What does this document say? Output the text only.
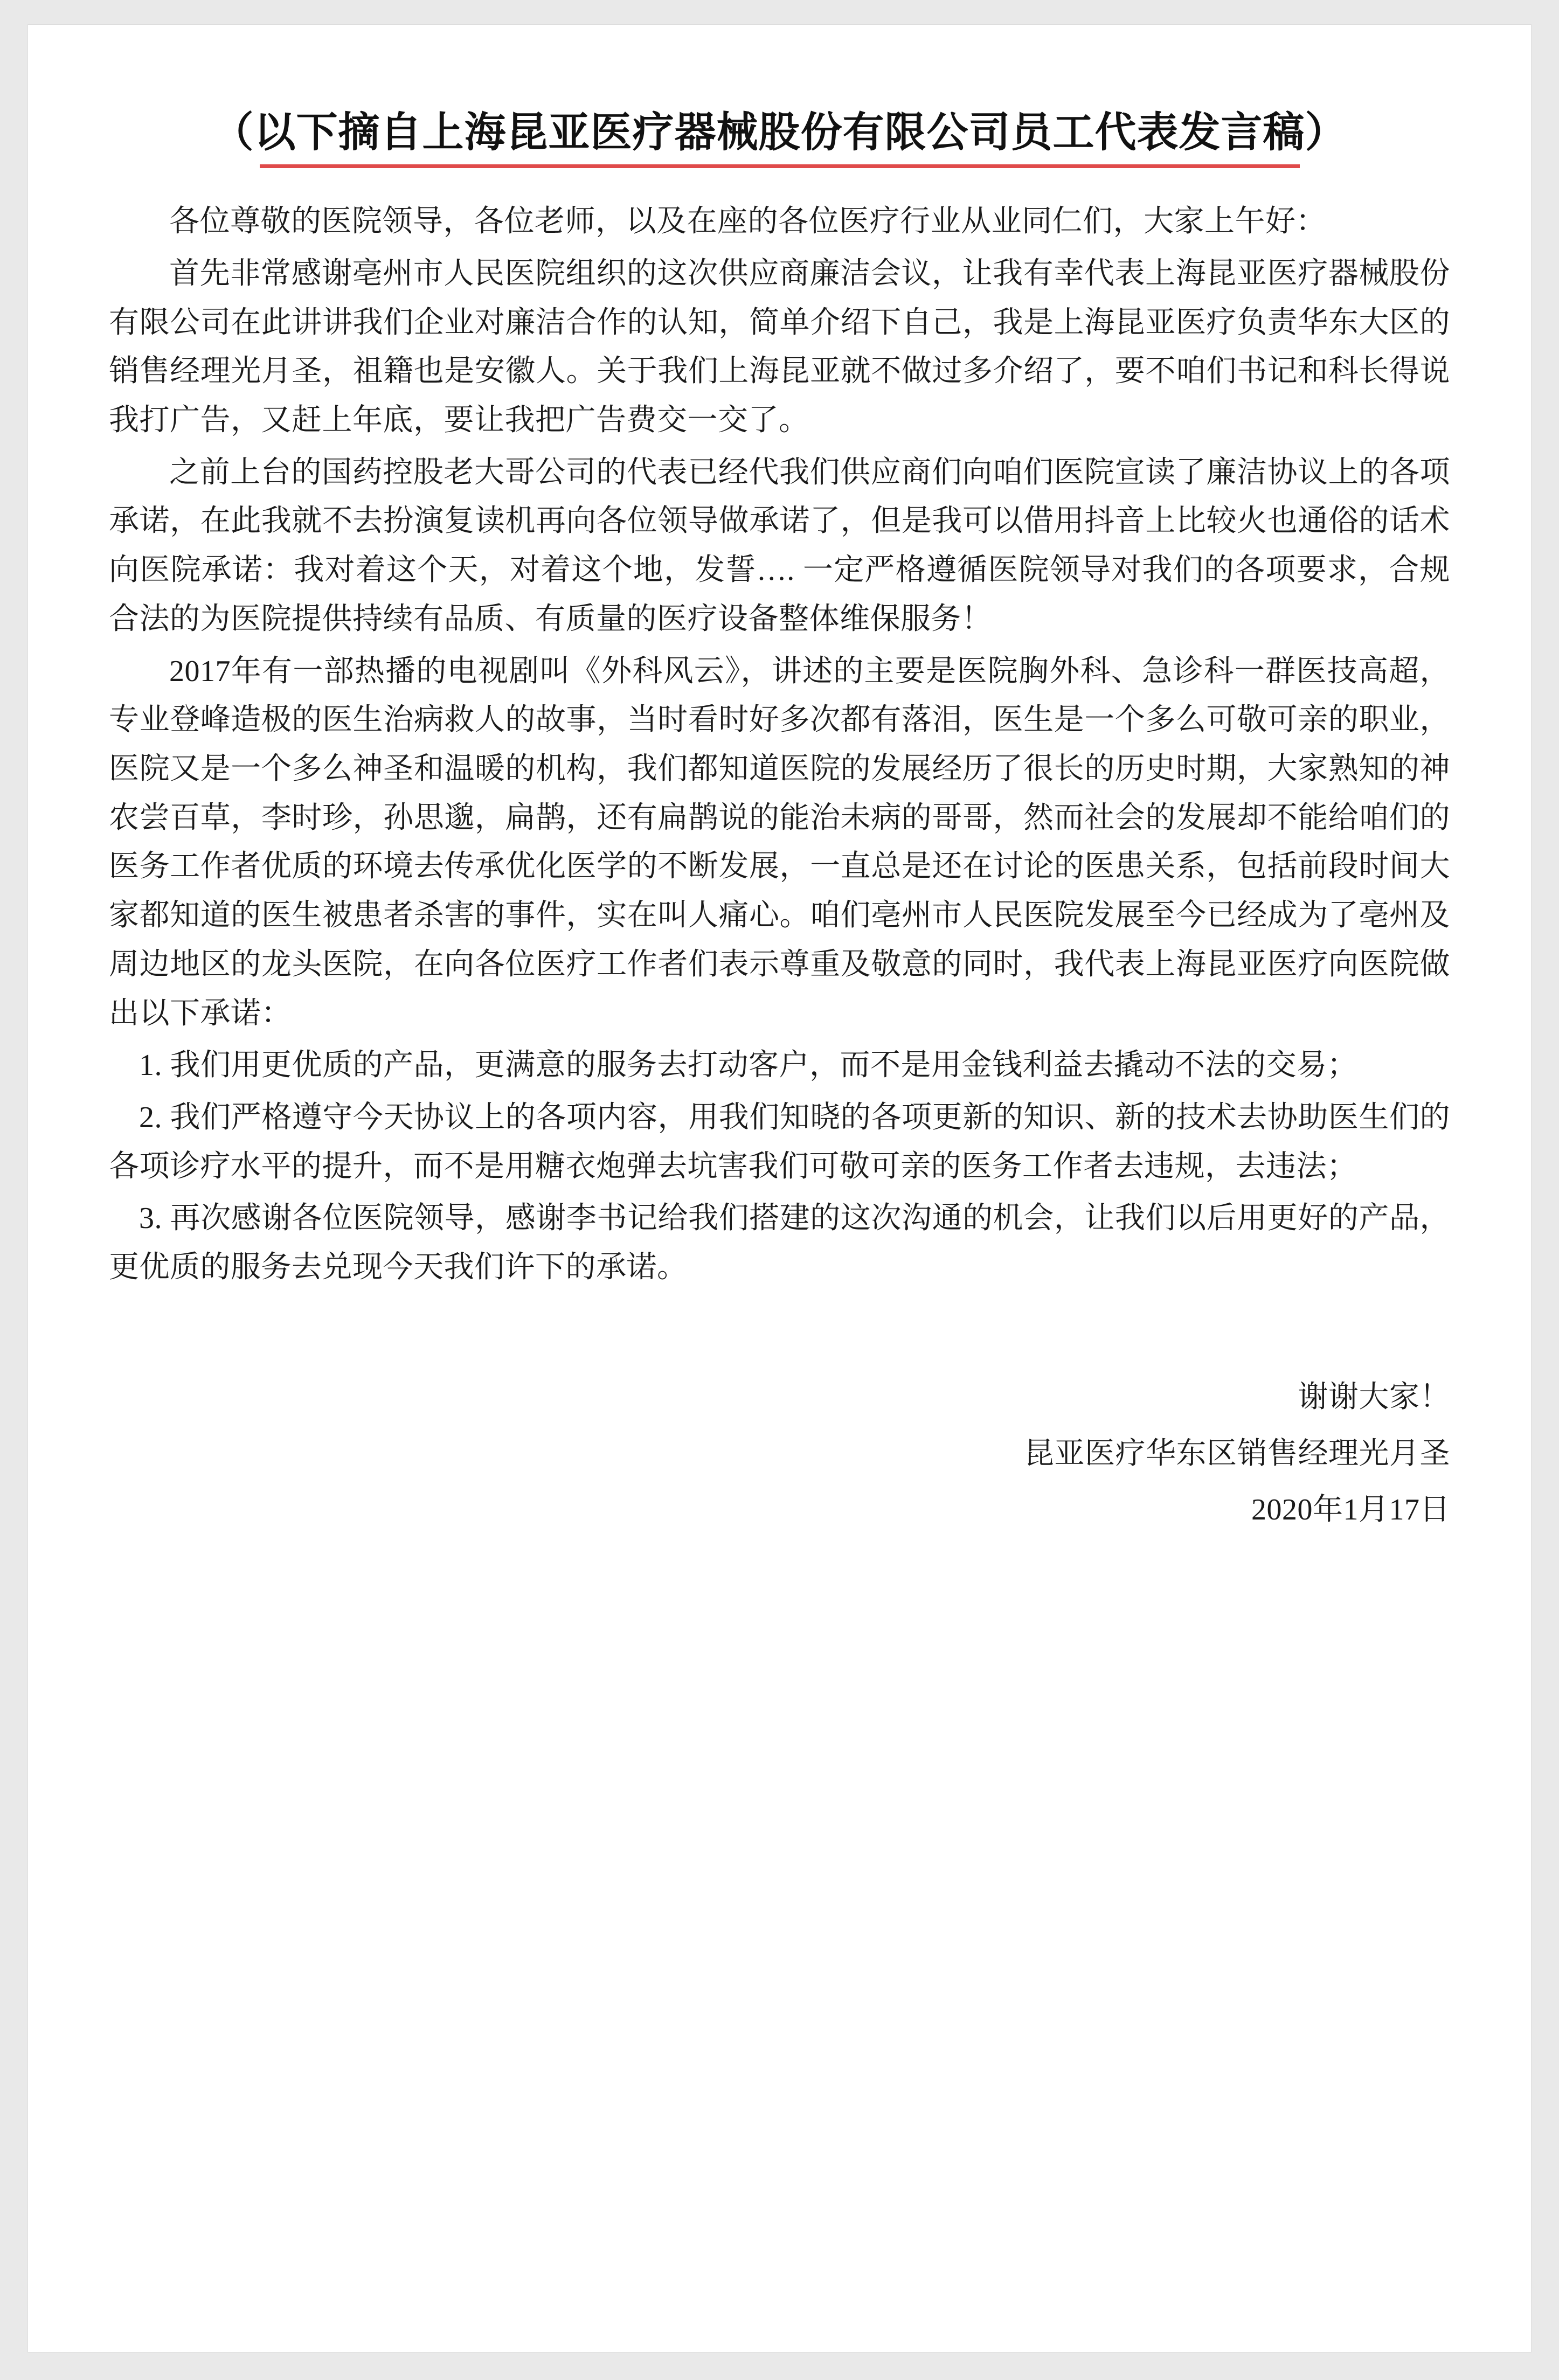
（以下摘自上海昆亚医疗器械股份有限公司员工代表发言稿）

各位尊敬的医院领导，各位老师，以及在座的各位医疗行业从业同仁们，大家上午好：

首先非常感谢亳州市人民医院组织的这次供应商廉洁会议，让我有幸代表上海昆亚医疗器械股份有限公司在此讲讲我们企业对廉洁合作的认知，简单介绍下自己，我是上海昆亚医疗负责华东大区的销售经理光月圣，祖籍也是安徽人。关于我们上海昆亚就不做过多介绍了，要不咱们书记和科长得说我打广告，又赶上年底，要让我把广告费交一交了。

之前上台的国药控股老大哥公司的代表已经代我们供应商们向咱们医院宣读了廉洁协议上的各项承诺，在此我就不去扮演复读机再向各位领导做承诺了，但是我可以借用抖音上比较火也通俗的话术向医院承诺：我对着这个天，对着这个地，发誓…. 一定严格遵循医院领导对我们的各项要求，合规合法的为医院提供持续有品质、有质量的医疗设备整体维保服务！

2017年有一部热播的电视剧叫《外科风云》，讲述的主要是医院胸外科、急诊科一群医技高超，专业登峰造极的医生治病救人的故事，当时看时好多次都有落泪，医生是一个多么可敬可亲的职业，医院又是一个多么神圣和温暖的机构，我们都知道医院的发展经历了很长的历史时期，大家熟知的神农尝百草，李时珍，孙思邈，扁鹊，还有扁鹊说的能治未病的哥哥，然而社会的发展却不能给咱们的医务工作者优质的环境去传承优化医学的不断发展，一直总是还在讨论的医患关系，包括前段时间大家都知道的医生被患者杀害的事件，实在叫人痛心。咱们亳州市人民医院发展至今已经成为了亳州及周边地区的龙头医院，在向各位医疗工作者们表示尊重及敬意的同时，我代表上海昆亚医疗向医院做出以下承诺：

1. 我们用更优质的产品，更满意的服务去打动客户，而不是用金钱利益去撬动不法的交易；

2. 我们严格遵守今天协议上的各项内容，用我们知晓的各项更新的知识、新的技术去协助医生们的各项诊疗水平的提升，而不是用糖衣炮弹去坑害我们可敬可亲的医务工作者去违规，去违法；

3. 再次感谢各位医院领导，感谢李书记给我们搭建的这次沟通的机会，让我们以后用更好的产品，更优质的服务去兑现今天我们许下的承诺。

谢谢大家！

昆亚医疗华东区销售经理光月圣

2020年1月17日
